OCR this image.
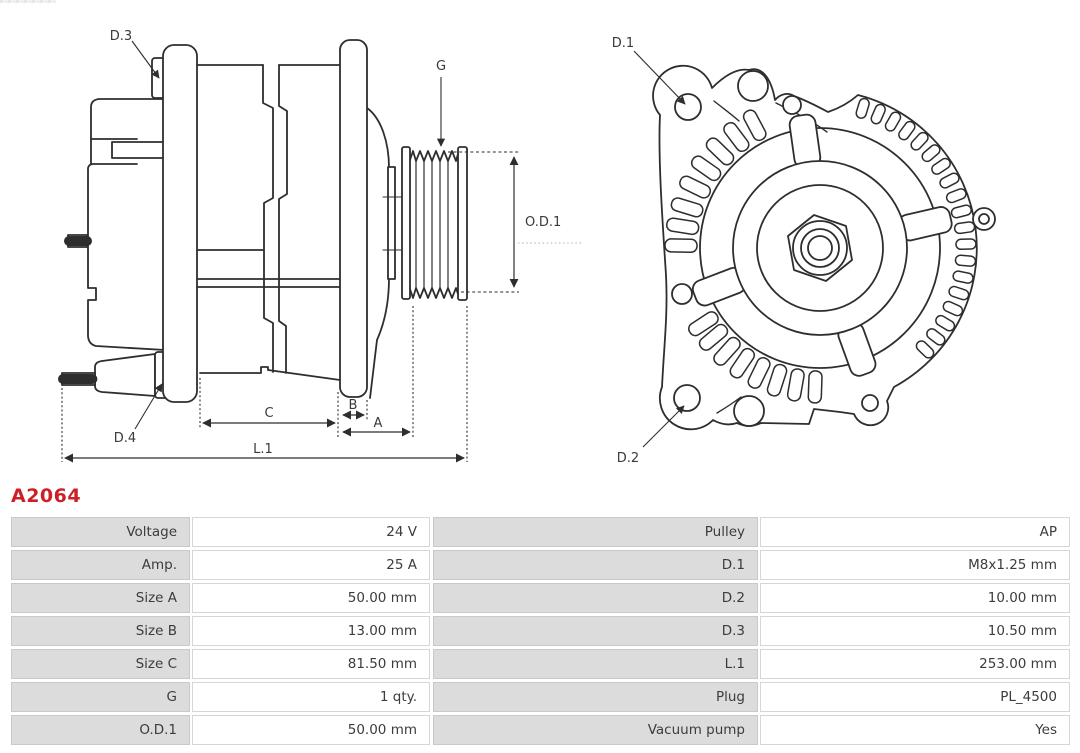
D.3
D.4
G
O.D.1
C
B
A
L.1
D.1
D.2
A2064
Voltage	24 V	Pulley	AP
Amp.	25 A	D.1	M8x1.25 mm
Size A	50.00 mm	D.2	10.00 mm
Size B	13.00 mm	D.3	10.50 mm
Size C	81.50 mm	L.1	253.00 mm
G	1 qty.	Plug	PL_4500
O.D.1	50.00 mm	Vacuum pump	Yes
